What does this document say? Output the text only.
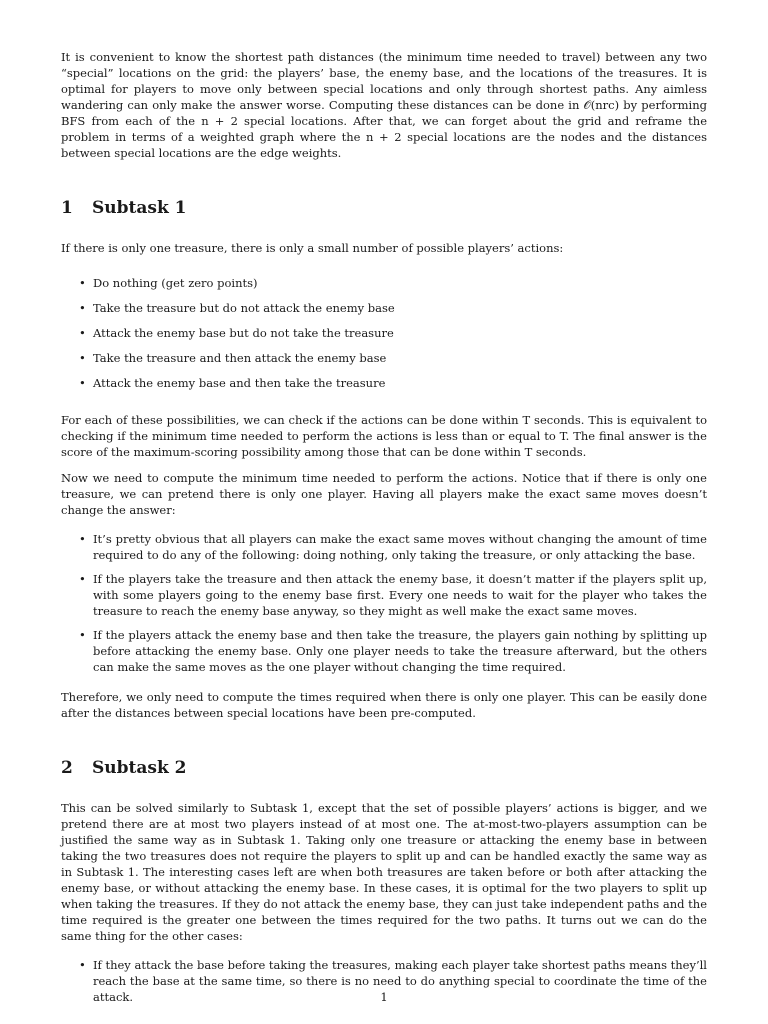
It is convenient to know the shortest path distances (the minimum time needed to travel) between any two “special” locations on the grid: the players’ base, the enemy base, and the locations of the treasures. It is optimal for players to move only between special locations and only through shortest paths. Any aimless wandering can only make the answer worse. Computing these distances can be done in 𝒪(nrc) by performing BFS from each of the n + 2 special locations. After that, we can forget about the grid and reframe the problem in terms of a weighted graph where the n + 2 special locations are the nodes and the distances between special locations are the edge weights.

1 Subtask 1

If there is only one treasure, there is only a small number of possible players’ actions:

• Do nothing (get zero points)
• Take the treasure but do not attack the enemy base
• Attack the enemy base but do not take the treasure
• Take the treasure and then attack the enemy base
• Attack the enemy base and then take the treasure

For each of these possibilities, we can check if the actions can be done within T seconds. This is equivalent to checking if the minimum time needed to perform the actions is less than or equal to T. The final answer is the score of the maximum-scoring possibility among those that can be done within T seconds.

Now we need to compute the minimum time needed to perform the actions. Notice that if there is only one treasure, we can pretend there is only one player. Having all players make the exact same moves doesn’t change the answer:

• It’s pretty obvious that all players can make the exact same moves without changing the amount of time required to do any of the following: doing nothing, only taking the treasure, or only attacking the base.
• If the players take the treasure and then attack the enemy base, it doesn’t matter if the players split up, with some players going to the enemy base first. Every one needs to wait for the player who takes the treasure to reach the enemy base anyway, so they might as well make the exact same moves.
• If the players attack the enemy base and then take the treasure, the players gain nothing by splitting up before attacking the enemy base. Only one player needs to take the treasure afterward, but the others can make the same moves as the one player without changing the time required.

Therefore, we only need to compute the times required when there is only one player. This can be easily done after the distances between special locations have been pre-computed.

2 Subtask 2

This can be solved similarly to Subtask 1, except that the set of possible players’ actions is bigger, and we pretend there are at most two players instead of at most one. The at-most-two-players assumption can be justified the same way as in Subtask 1. Taking only one treasure or attacking the enemy base in between taking the two treasures does not require the players to split up and can be handled exactly the same way as in Subtask 1. The interesting cases left are when both treasures are taken before or both after attacking the enemy base, or without attacking the enemy base. In these cases, it is optimal for the two players to split up when taking the treasures. If they do not attack the enemy base, they can just take independent paths and the time required is the greater one between the times required for the two paths. It turns out we can do the same thing for the other cases:

• If they attack the base before taking the treasures, making each player take shortest paths means they’ll reach the base at the same time, so there is no need to do anything special to coordinate the time of the attack.	1
